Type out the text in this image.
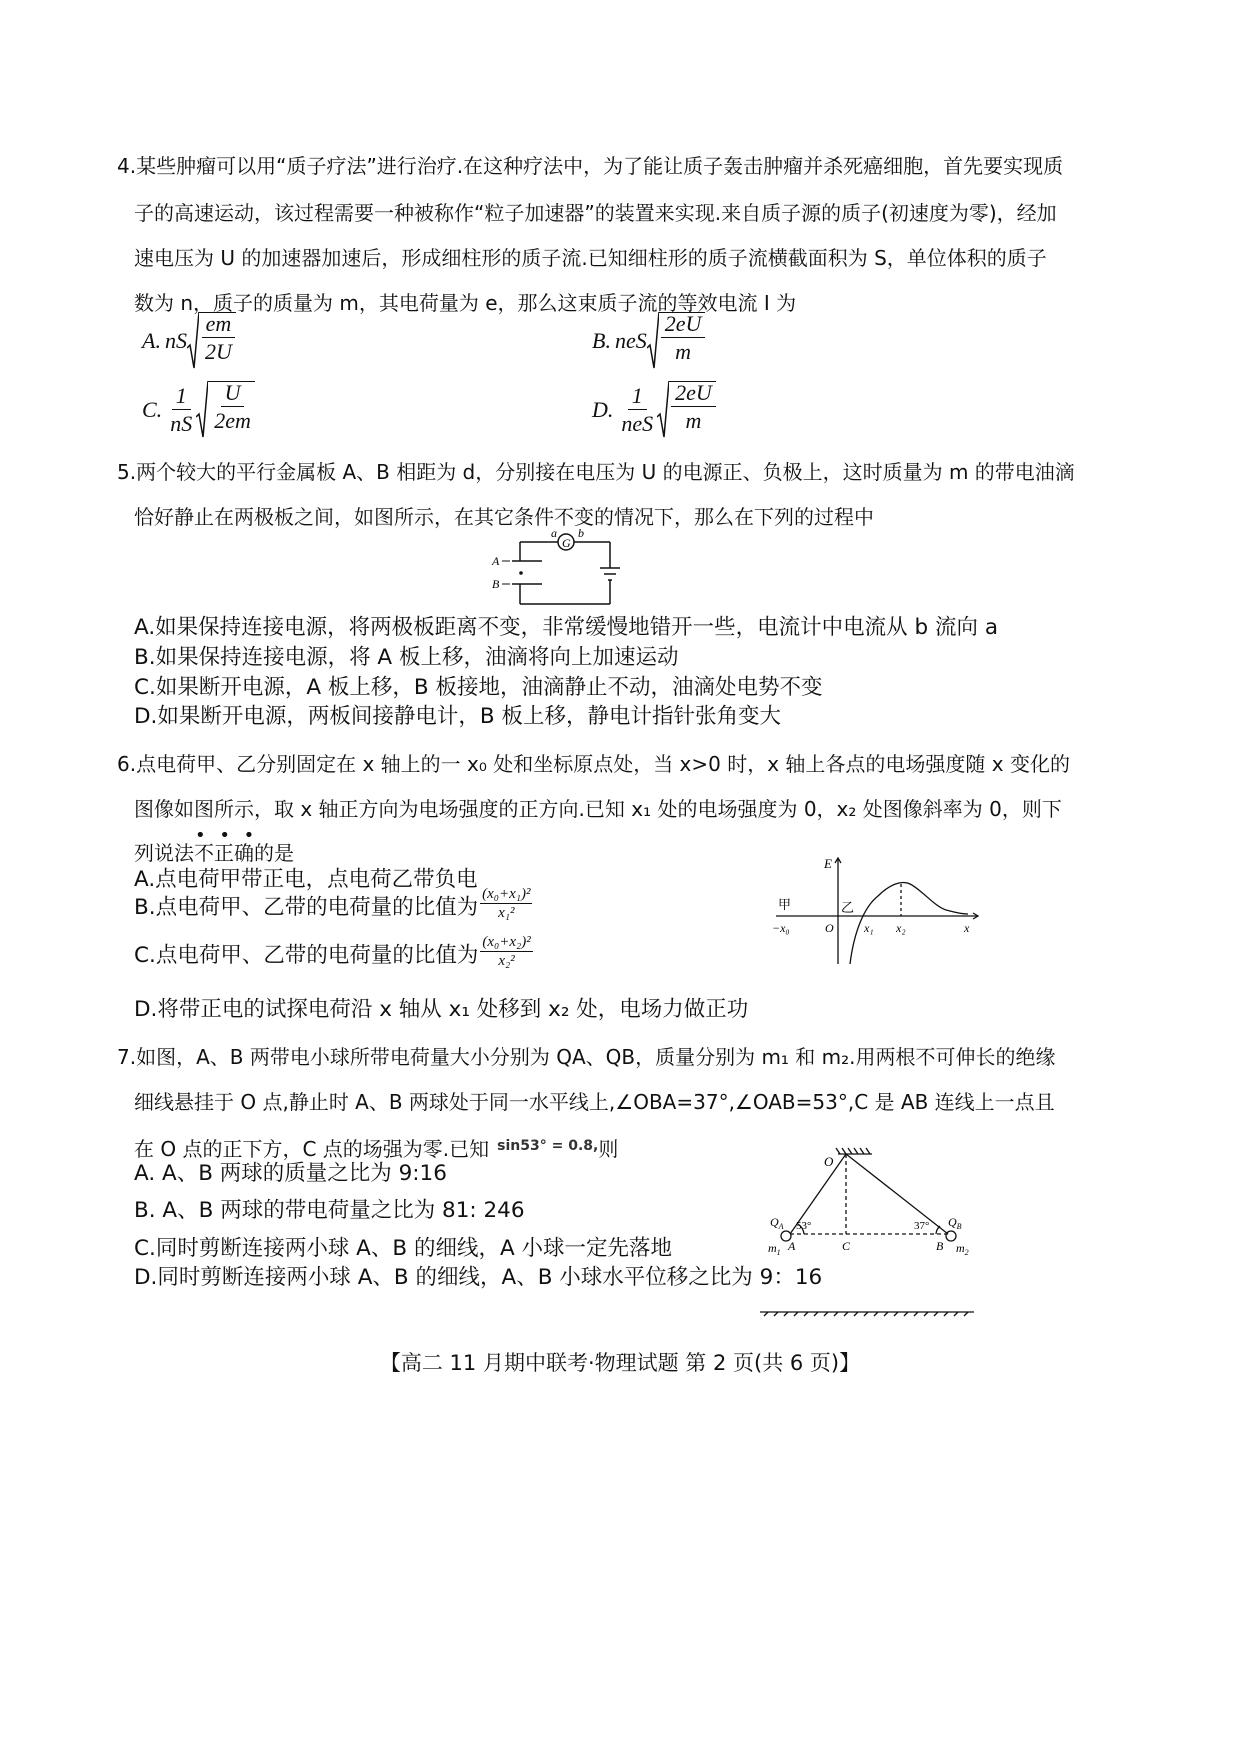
4.某些肿瘤可以用“质子疗法”进行治疗.在这种疗法中，为了能让质子轰击肿瘤并杀死癌细胞，首先要实现质
子的高速运动，该过程需要一种被称作“粒子加速器”的装置来实现.来自质子源的质子(初速度为零)，经加
速电压为 U 的加速器加速后，形成细柱形的质子流.已知细柱形的质子流横截面积为 S，单位体积的质子
数为 n，质子的质量为 m，其电荷量为 e，那么这束质子流的等效电流 I 为
A. nS $\frac{em}{2U}$	B. neS $\frac{2eU}{m}$
C. $\frac{1}{nS} \frac{U}{2em}$	D. $\frac{1}{\text{neS}} \frac{2eU}{m}$
5.两个较大的平行金属板 A、B 相距为 d，分别接在电压为 U 的电源正、负极上，这时质量为 m 的带电油滴
恰好静止在两极板之间，如图所示，在其它条件不变的情况下，那么在下列的过程中
G
a b
A
B
A.如果保持连接电源，将两极板距离不变，非常缓慢地错开一些，电流计中电流从 b 流向 a
B.如果保持连接电源，将 A 板上移，油滴将向上加速运动
C.如果断开电源，A 板上移，B 板接地，油滴静止不动，油滴处电势不变
D.如果断开电源，两板间接静电计，B 板上移，静电计指针张角变大
6.点电荷甲、乙分别固定在 x 轴上的一 x₀ 处和坐标原点处，当 x>0 时，x 轴上各点的电场强度随 x 变化的
图像如图所示，取 x 轴正方向为电场强度的正方向.已知 x₁ 处的电场强度为 0，x₂ 处图像斜率为 0，则下
• • •
列说法不正确的是
A.点电荷甲带正电，点电荷乙带负电
B.点电荷甲、乙带的电荷量的比值为 $\frac{\text{(x₀+x₁)²}}{\text{x₁²}}$
C.点电荷甲、乙带的电荷量的比值为 $\frac{\text{(x₀+x₂)²}}{\text{x₂²}}$
D.将带正电的试探电荷沿 x 轴从 x₁ 处移到 x₂ 处，电场力做正功
E
甲	乙
−x₀	O	x₁ x₂	x
7.如图，A、B 两带电小球所带电荷量大小分别为 QA、QB，质量分别为 m₁ 和 m₂.用两根不可伸长的绝缘
细线悬挂于 O 点,静止时 A、B 两球处于同一水平线上,∠OBA=37°,∠OAB=53°,C 是 AB 连线上一点且
在 O 点的正下方，C 点的场强为零.已知 sin53° = 0.8, 则
A. A、B 两球的质量之比为 9:16
B. A、B 两球的带电荷量之比为 81: 246
C.同时剪断连接两小球 A、B 的细线，A 小球一定先落地
D.同时剪断连接两小球 A、B 的细线，A、B 小球水平位移之比为 9：16
O
$Q_A$	$Q_B$
53°	37°
$m_1$ A	C	B $m_2$
【高二 11 月期中联考·物理试题 第 2 页(共 6 页)】
